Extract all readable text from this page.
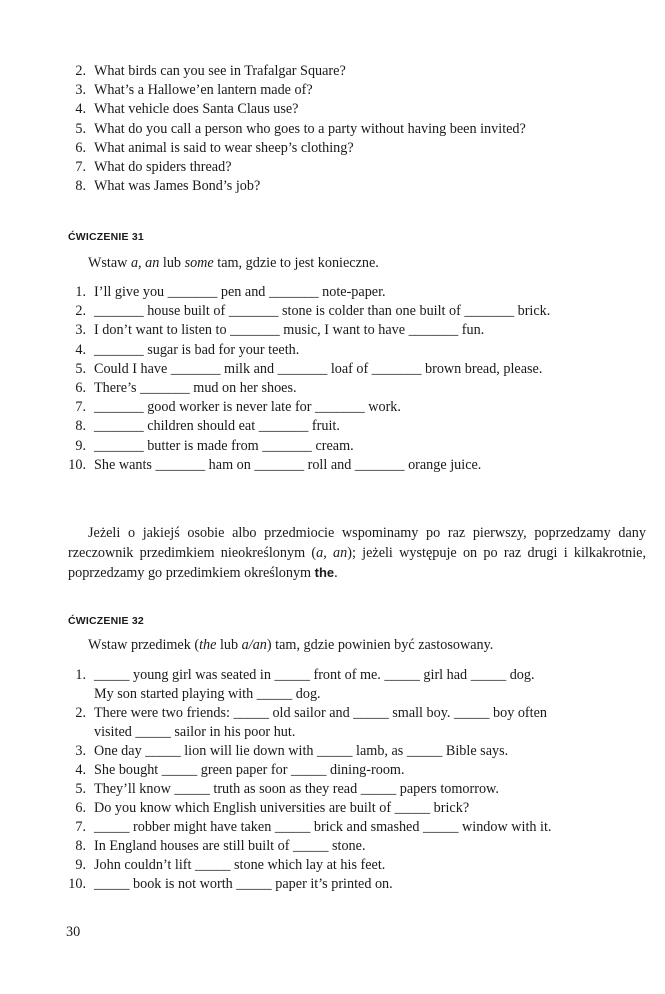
2. What birds can you see in Trafalgar Square?
3. What’s a Hallowe’en lantern made of?
4. What vehicle does Santa Claus use?
5. What do you call a person who goes to a party without having been invited?
6. What animal is said to wear sheep’s clothing?
7. What do spiders thread?
8. What was James Bond’s job?
ĆWICZENIE 31
Wstaw a, an lub some tam, gdzie to jest konieczne.
1. I’ll give you _______ pen and _______ note-paper.
2. _______ house built of _______ stone is colder than one built of _______ brick.
3. I don’t want to listen to _______ music, I want to have _______ fun.
4. _______ sugar is bad for your teeth.
5. Could I have _______ milk and _______ loaf of _______ brown bread, please.
6. There’s _______ mud on her shoes.
7. _______ good worker is never late for _______ work.
8. _______ children should eat _______ fruit.
9. _______ butter is made from _______ cream.
10. She wants _______ ham on _______ roll and _______ orange juice.

Jeżeli o jakiejś osobie albo przedmiocie wspominamy po raz pierwszy, poprzedzamy dany rzeczownik przedimkiem nieokreślonym (a, an); jeżeli występuje on po raz drugi i kilkakrotnie, poprzedzamy go przedimkiem określonym the.

ĆWICZENIE 32
Wstaw przedimek (the lub a/an) tam, gdzie powinien być zastosowany.
1. _____ young girl was seated in _____ front of me. _____ girl had _____ dog.
My son started playing with _____ dog.
2. There were two friends: _____ old sailor and _____ small boy. _____ boy often
visited _____ sailor in his poor hut.
3. One day _____ lion will lie down with _____ lamb, as _____ Bible says.
4. She bought _____ green paper for _____ dining-room.
5. They’ll know _____ truth as soon as they read _____ papers tomorrow.
6. Do you know which English universities are built of _____ brick?
7. _____ robber might have taken _____ brick and smashed _____ window with it.
8. In England houses are still built of _____ stone.
9. John couldn’t lift _____ stone which lay at his feet.
10. _____ book is not worth _____ paper it’s printed on.
30
